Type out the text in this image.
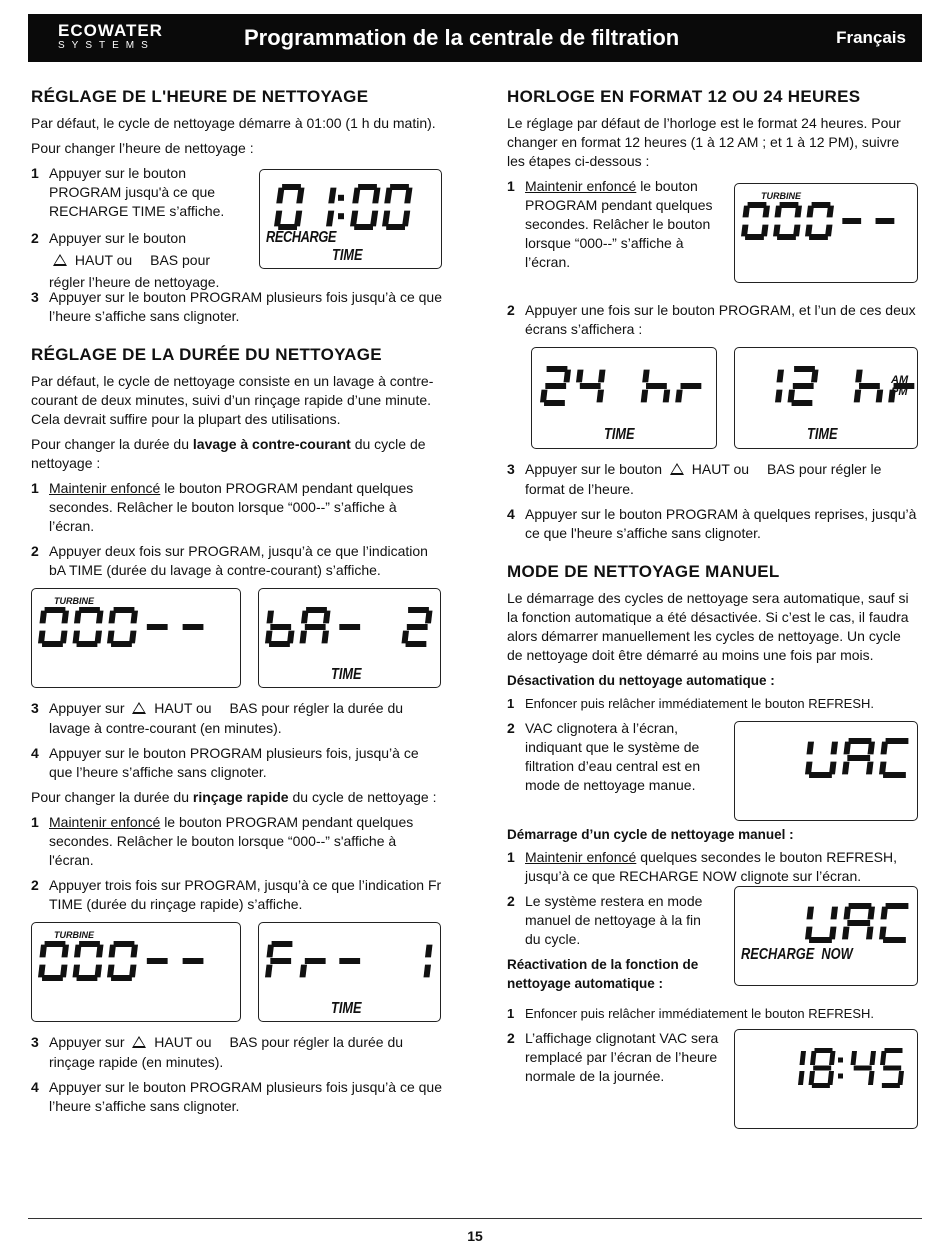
ECOWATER
SYSTEMS	Programmation de la centrale de filtration	Français
RÉGLAGE DE L'HEURE DE NETTOYAGE

Par défaut, le cycle de nettoyage démarre à 01:00 (1 h du matin).

Pour changer l’heure de nettoyage :

1 Appuyer sur le bouton PROGRAM jusqu'à ce que RECHARGE TIME s’affiche.
2 Appuyer sur le bouton
HAUT ou BAS pour
régler l’heure de nettoyage.
RECHARGE
TIME
3 Appuyer sur le bouton PROGRAM plusieurs fois jusqu’à ce que l’heure s’affiche sans clignoter.
RÉGLAGE DE LA DURÉE DU NETTOYAGE

Par défaut, le cycle de nettoyage consiste en un lavage à contre-courant de deux minutes, suivi d’un rinçage rapide d’une minute. Cela devrait suffire pour la plupart des utilisations.

Pour changer la durée du lavage à contre-courant du cycle de nettoyage :

1 Maintenir enfoncé le bouton PROGRAM pendant quelques secondes. Relâcher le bouton lorsque “000--” s’affiche à l’écran.
2 Appuyer deux fois sur PROGRAM, jusqu’à ce que l’indication bA TIME (durée du lavage à contre-courant) s’affiche.
TURBINE
TIME
3 Appuyer sur HAUT ou BAS pour régler la durée du lavage à contre-courant (en minutes).
4 Appuyer sur le bouton PROGRAM plusieurs fois, jusqu’à ce que l’heure s’affiche sans clignoter.

Pour changer la durée du rinçage rapide du cycle de nettoyage :

1 Maintenir enfoncé le bouton PROGRAM pendant quelques secondes. Relâcher le bouton lorsque “000--” s'affiche à l'écran.
2 Appuyer trois fois sur PROGRAM, jusqu’à ce que l’indication Fr TIME (durée du rinçage rapide) s’affiche.
TURBINE
TIME
3 Appuyer sur HAUT ou BAS pour régler la durée du rinçage rapide (en minutes).
4 Appuyer sur le bouton PROGRAM plusieurs fois jusqu’à ce que l’heure s’affiche sans clignoter.
HORLOGE EN FORMAT 12 OU 24 HEURES

Le réglage par défaut de l’horloge est le format 24 heures. Pour changer en format 12 heures (1 à 12 AM ; et 1 à 12 PM), suivre les étapes ci-dessous :

1 Maintenir enfoncé le bouton PROGRAM pendant quelques secondes. Relâcher le bouton lorsque “000--” s’affiche à l’écran.
TURBINE
2 Appuyer une fois sur le bouton PROGRAM, et l’un de ces deux écrans s’affichera :
TIME
AM
PM
TIME
3 Appuyer sur le bouton HAUT ou BAS pour régler le format de l’heure.
4 Appuyer sur le bouton PROGRAM à quelques reprises, jusqu’à ce que l'heure s’affiche sans clignoter.
MODE DE NETTOYAGE MANUEL

Le démarrage des cycles de nettoyage sera automatique, sauf si la fonction automatique a été désactivée. Si c’est le cas, il faudra alors démarrer manuellement les cycles de nettoyage. Un cycle de nettoyage doit être démarré au moins une fois par mois.

Désactivation du nettoyage automatique :
1 Enfoncer puis relâcher immédiatement le bouton REFRESH.
2 VAC clignotera à l’écran, indiquant que le système de filtration d’eau central est en mode de nettoyage manue.
Démarrage d’un cycle de nettoyage manuel :
1 Maintenir enfoncé quelques secondes le bouton REFRESH, jusqu’à ce que RECHARGE NOW clignote sur l’écran.
2 Le système restera en mode manuel de nettoyage à la fin du cycle.
Réactivation de la fonction de nettoyage automatique :
RECHARGE  NOW
1 Enfoncer puis relâcher immédiatement le bouton REFRESH.
2 L’affichage clignotant VAC sera remplacé par l’écran de l’heure normale de la journée.
15
